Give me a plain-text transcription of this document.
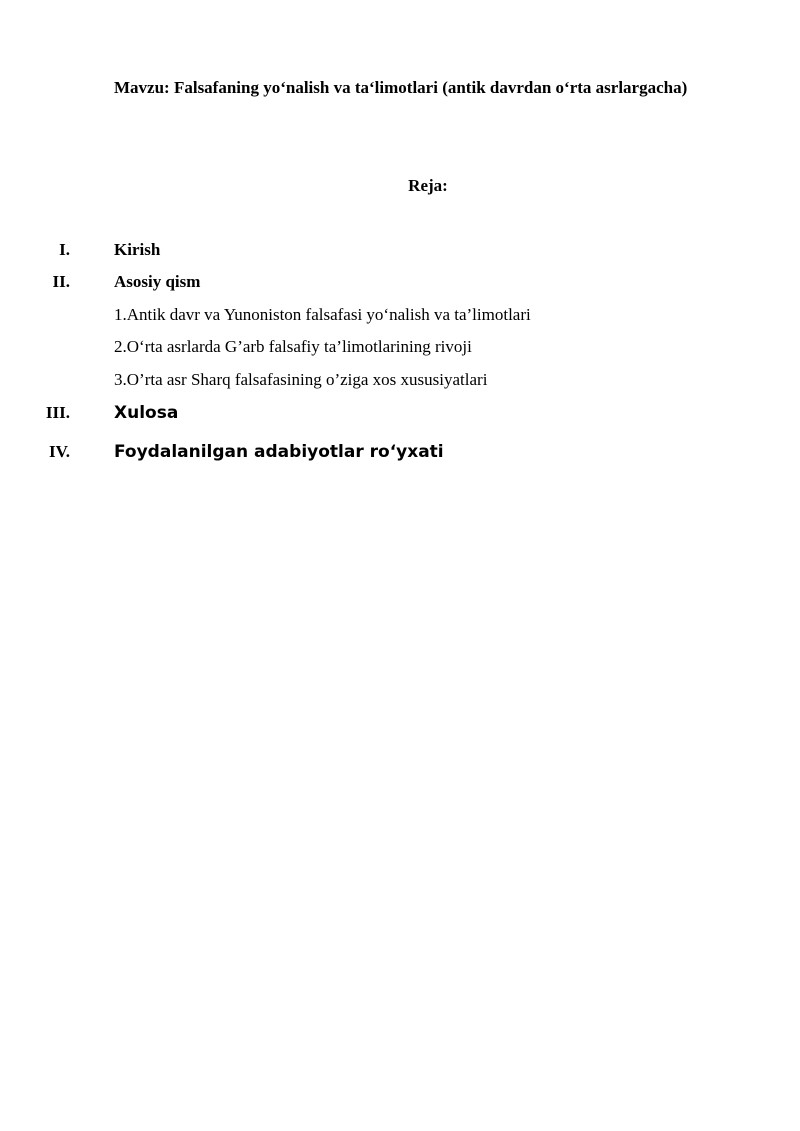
Mavzu: Falsafaning yo‘nalish va ta‘limotlari (antik davrdan o‘rta asrlargacha)
Reja:
I.	Kirish
II.	Asosiy qism
1.Antik davr va Yunoniston falsafasi yo‘nalish va ta’limotlari
2.O‘rta asrlarda G’arb falsafiy ta’limotlarining rivoji
3.O’rta asr Sharq falsafasining o’ziga xos xususiyatlari
III.	Xulosa
IV.	Foydalanilgan adabiyotlar ro‘yxati
